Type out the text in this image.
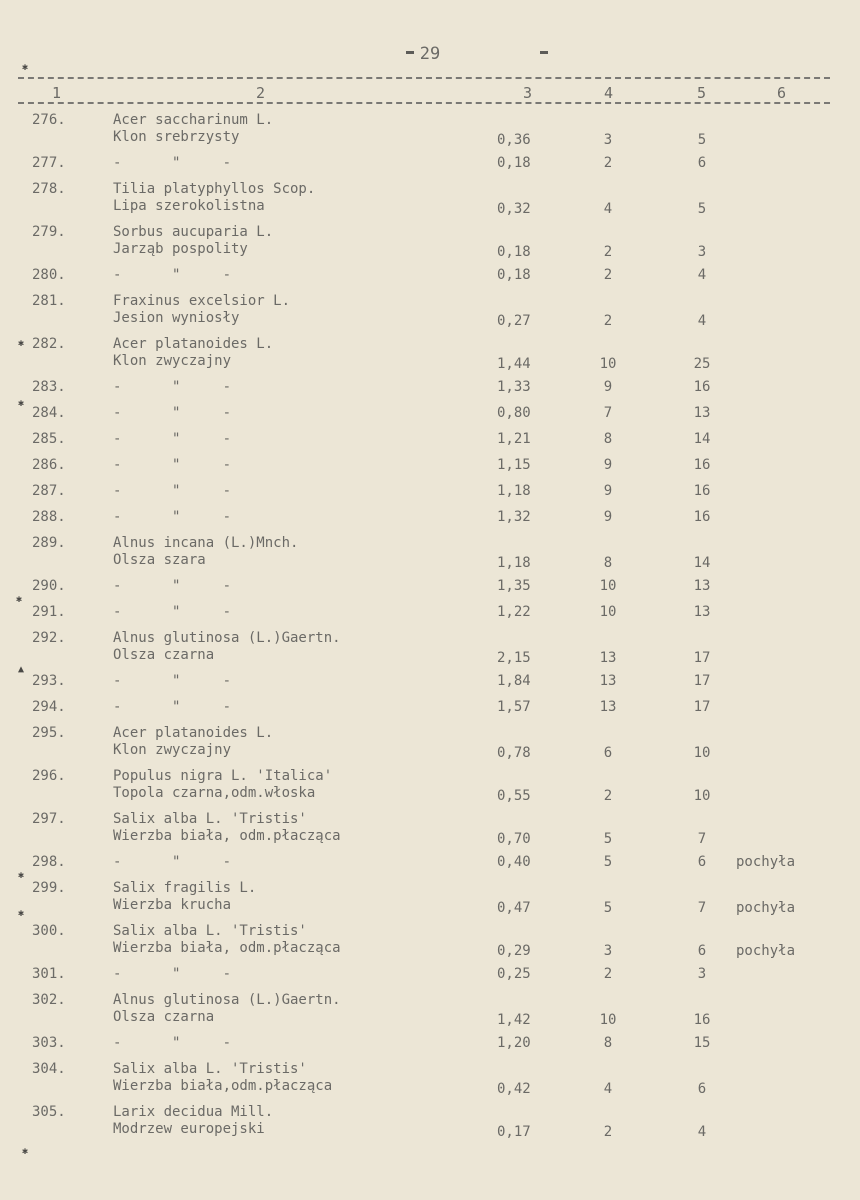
29
1	2	3	4	5	6
276.	Acer saccharinum L.
Klon srebrzysty	0,36	3	5
277.	-      "     -	0,18	2	6
278.	Tilia platyphyllos Scop.
Lipa szerokolistna	0,32	4	5
279.	Sorbus aucuparia L.
Jarząb pospolity	0,18	2	3
280.	-      "     -	0,18	2	4
281.	Fraxinus excelsior L.
Jesion wyniosły	0,27	2	4
282.	Acer platanoides L.
Klon zwyczajny	1,44	10	25
283.	-      "     -	1,33	9	16
284.	-      "     -	0,80	7	13
285.	-      "     -	1,21	8	14
286.	-      "     -	1,15	9	16
287.	-      "     -	1,18	9	16
288.	-      "     -	1,32	9	16
289.	Alnus incana (L.)Mnch.
Olsza szara	1,18	8	14
290.	-      "     -	1,35	10	13
291.	-      "     -	1,22	10	13
292.	Alnus glutinosa (L.)Gaertn.
Olsza czarna	2,15	13	17
293.	-      "     -	1,84	13	17
294.	-      "     -	1,57	13	17
295.	Acer platanoides L.
Klon zwyczajny	0,78	6	10
296.	Populus nigra L. 'Italica'
Topola czarna,odm.włoska	0,55	2	10
297.	Salix alba L. 'Tristis'
Wierzba biała, odm.płacząca	0,70	5	7
298.	-      "     -	0,40	5	6	pochyła
299.	Salix fragilis L.
Wierzba krucha	0,47	5	7	pochyła
300.	Salix alba L. 'Tristis'
Wierzba biała, odm.płacząca	0,29	3	6	pochyła
301.	-      "     -	0,25	2	3
302.	Alnus glutinosa (L.)Gaertn.
Olsza czarna	1,42	10	16
303.	-      "     -	1,20	8	15
304.	Salix alba L. 'Tristis'
Wierzba biała,odm.płacząca	0,42	4	6
305.	Larix decidua Mill.
Modrzew europejski	0,17	2	4
✱
✱
✱
✱
▲
✱
✱
✱
